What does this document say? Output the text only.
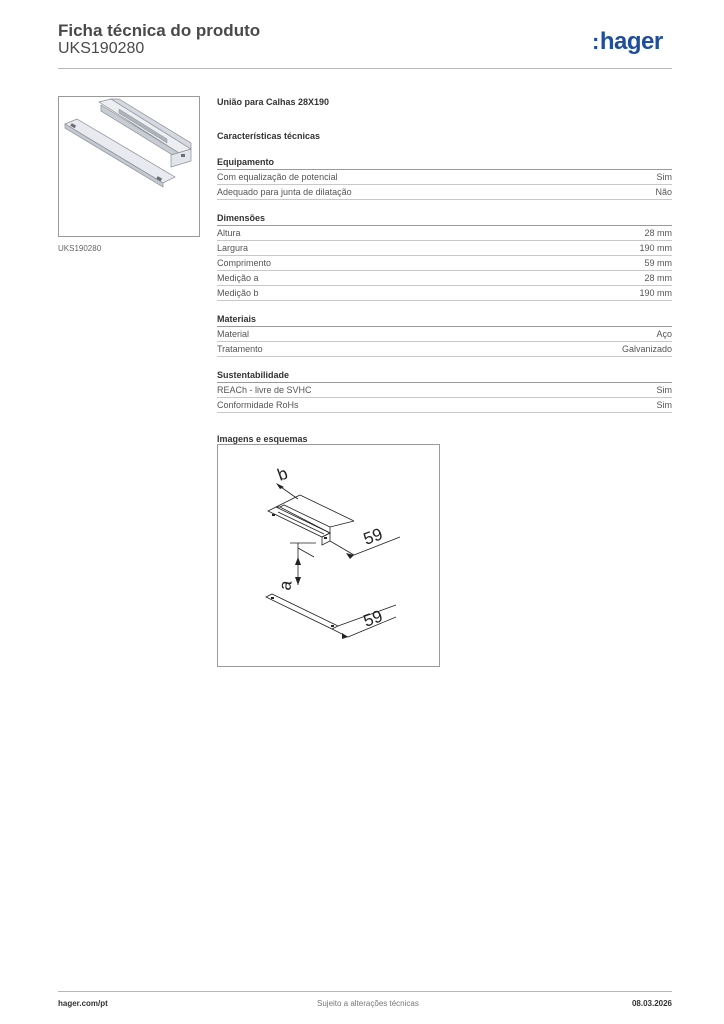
Ficha técnica do produto
UKS190280	:hager
UKS190280
União para Calhas 28X190
Características técnicas
Equipamento
Com equalização de potencial	Sim
Adequado para junta de dilatação	Não
Dimensões
Altura	28 mm
Largura	190 mm
Comprimento	59 mm
Medição a	28 mm
Medição b	190 mm
Materiais
Material	Aço
Tratamento	Galvanizado
Sustentabilidade
REACh - livre de SVHC	Sim
Conformidade RoHs	Sim
Imagens e esquemas
b
a
59
59
hager.com/pt	Sujeito a alterações técnicas	08.03.2026
